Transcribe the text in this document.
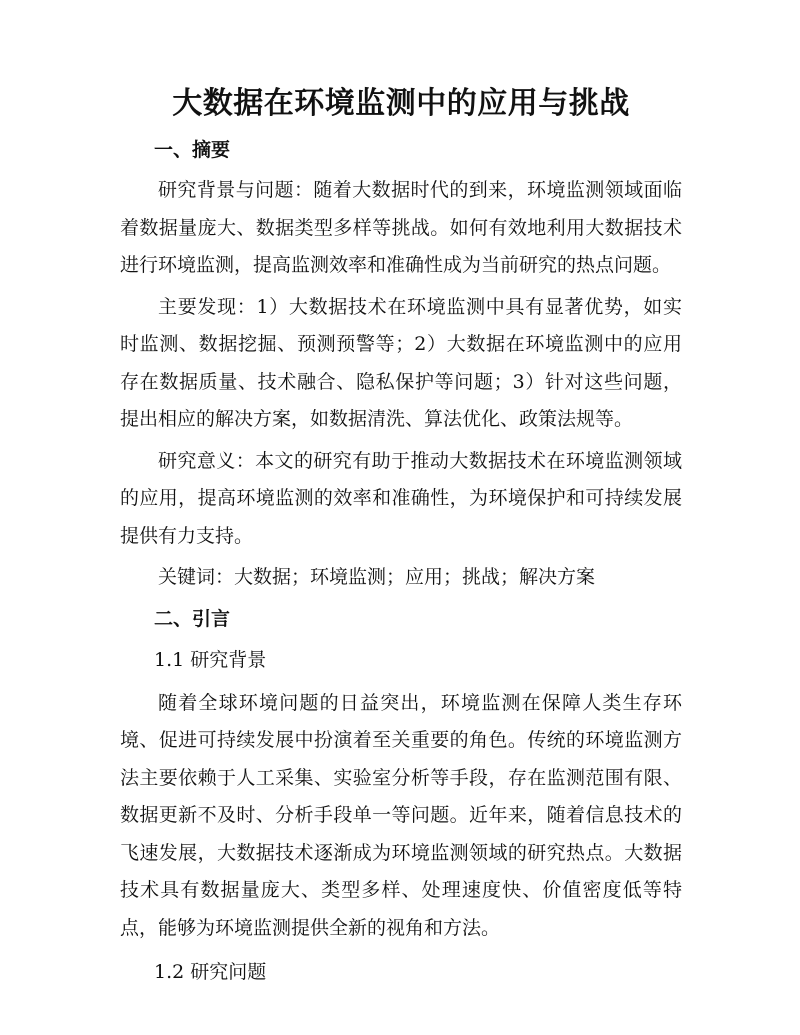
大数据在环境监测中的应用与挑战
一、摘要

研究背景与问题：随着大数据时代的到来，环境监测领域面临着数据量庞大、数据类型多样等挑战。如何有效地利用大数据技术进行环境监测，提高监测效率和准确性成为当前研究的热点问题。

主要发现：1）大数据技术在环境监测中具有显著优势，如实时监测、数据挖掘、预测预警等；2）大数据在环境监测中的应用存在数据质量、技术融合、隐私保护等问题；3）针对这些问题，提出相应的解决方案，如数据清洗、算法优化、政策法规等。

研究意义：本文的研究有助于推动大数据技术在环境监测领域的应用，提高环境监测的效率和准确性，为环境保护和可持续发展提供有力支持。

关键词：大数据；环境监测；应用；挑战；解决方案

二、引言
1.1 研究背景

随着全球环境问题的日益突出，环境监测在保障人类生存环境、促进可持续发展中扮演着至关重要的角色。传统的环境监测方法主要依赖于人工采集、实验室分析等手段，存在监测范围有限、数据更新不及时、分析手段单一等问题。近年来，随着信息技术的飞速发展，大数据技术逐渐成为环境监测领域的研究热点。大数据技术具有数据量庞大、类型多样、处理速度快、价值密度低等特点，能够为环境监测提供全新的视角和方法。

1.2 研究问题
